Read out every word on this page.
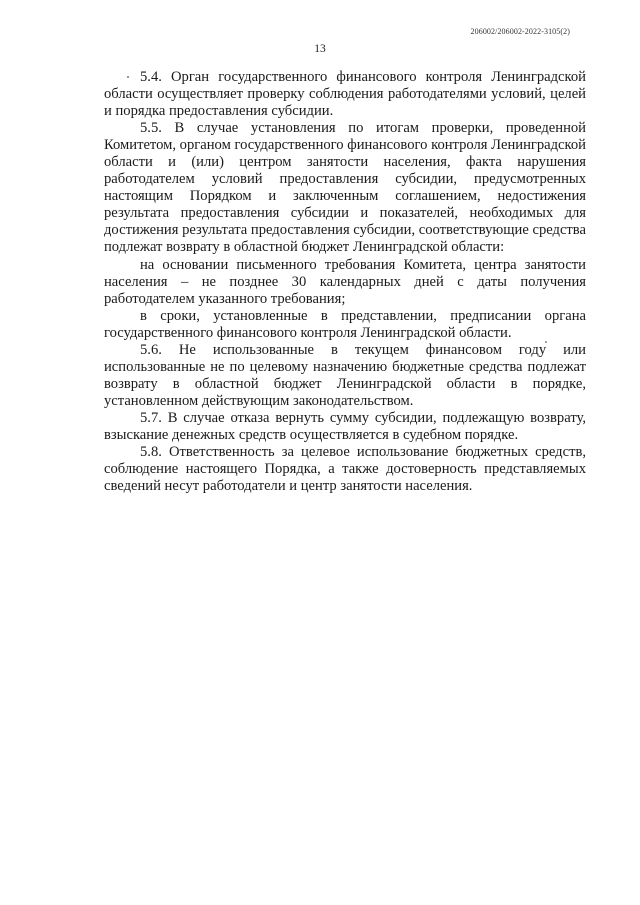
206002/206002-2022-3105(2)
13

5.4. Орган государственного финансового контроля Ленинградской области осуществляет проверку соблюдения работодателями условий, целей и порядка предоставления субсидии.

5.5. В случае установления по итогам проверки, проведенной Комитетом, органом государственного финансового контроля Ленинградской области и (или) центром занятости населения, факта нарушения работодателем условий предоставления субсидии, предусмотренных настоящим Порядком и заключенным соглашением, недостижения результата предоставления субсидии и показателей, необходимых для достижения результата предоставления субсидии, соответствующие средства подлежат возврату в областной бюджет Ленинградской области:

на основании письменного требования Комитета, центра занятости населения – не позднее 30 календарных дней с даты получения работодателем указанного требования;

в сроки, установленные в представлении, предписании органа государственного финансового контроля Ленинградской области.

5.6. Не использованные в текущем финансовом году или использованные не по целевому назначению бюджетные средства подлежат возврату в областной бюджет Ленинградской области в порядке, установленном действующим законодательством.

5.7. В случае отказа вернуть сумму субсидии, подлежащую возврату, взыскание денежных средств осуществляется в судебном порядке.

5.8. Ответственность за целевое использование бюджетных средств, соблюдение настоящего Порядка, а также достоверность представляемых сведений несут работодатели и центр занятости населения.
